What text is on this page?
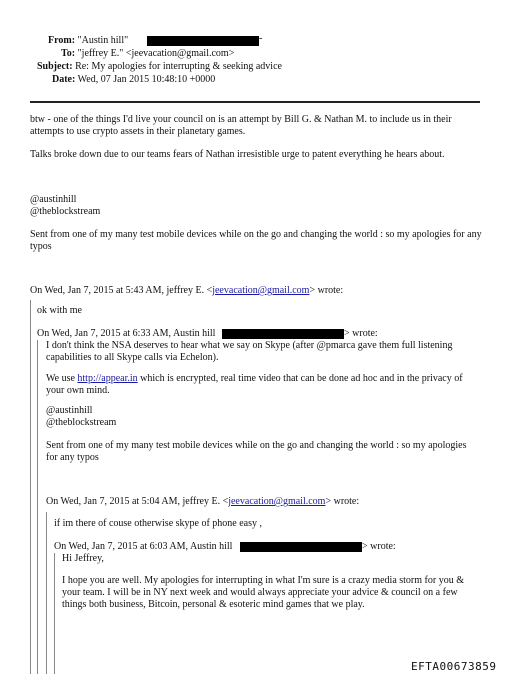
From: "Austin hill"	-
To: "jeffrey E." <jeevacation@gmail.com>
Subject: Re: My apologies for interrupting & seeking advice
Date: Wed, 07 Jan 2015 10:48:10 +0000
btw - one of the things I'd live your council on is an attempt by Bill G. & Nathan M. to include us in their attempts to use crypto assets in their planetary games.
Talks broke down due to our teams fears of Nathan irresistible urge to patent everything he hears about.
@austinhill
@theblockstream
Sent from one of my many test mobile devices while on the go and changing the world : so my apologies for any typos
On Wed, Jan 7, 2015 at 5:43 AM, jeffrey E. <jeevacation@gmail.com> wrote:
ok with me
On Wed, Jan 7, 2015 at 6:33 AM, Austin hill	> wrote:
I don't think the NSA deserves to hear what we say on Skype (after @pmarca gave them full listening capabilities to all Skype calls via Echelon).
We use http://appear.in which is encrypted, real time video that can be done ad hoc and in the privacy of your own mind.
@austinhill
@theblockstream
Sent from one of my many test mobile devices while on the go and changing the world : so my apologies for any typos
On Wed, Jan 7, 2015 at 5:04 AM, jeffrey E. <jeevacation@gmail.com> wrote:
if im there of couse otherwise skype of phone easy ,
On Wed, Jan 7, 2015 at 6:03 AM, Austin hill	> wrote:
Hi Jeffrey,
I hope you are well. My apologies for interrupting in what I'm sure is a crazy media storm for you & your team. I will be in NY next week and would always appreciate your advice & council on a few things both business, Bitcoin, personal & esoteric mind games that we play.
EFTA00673859
